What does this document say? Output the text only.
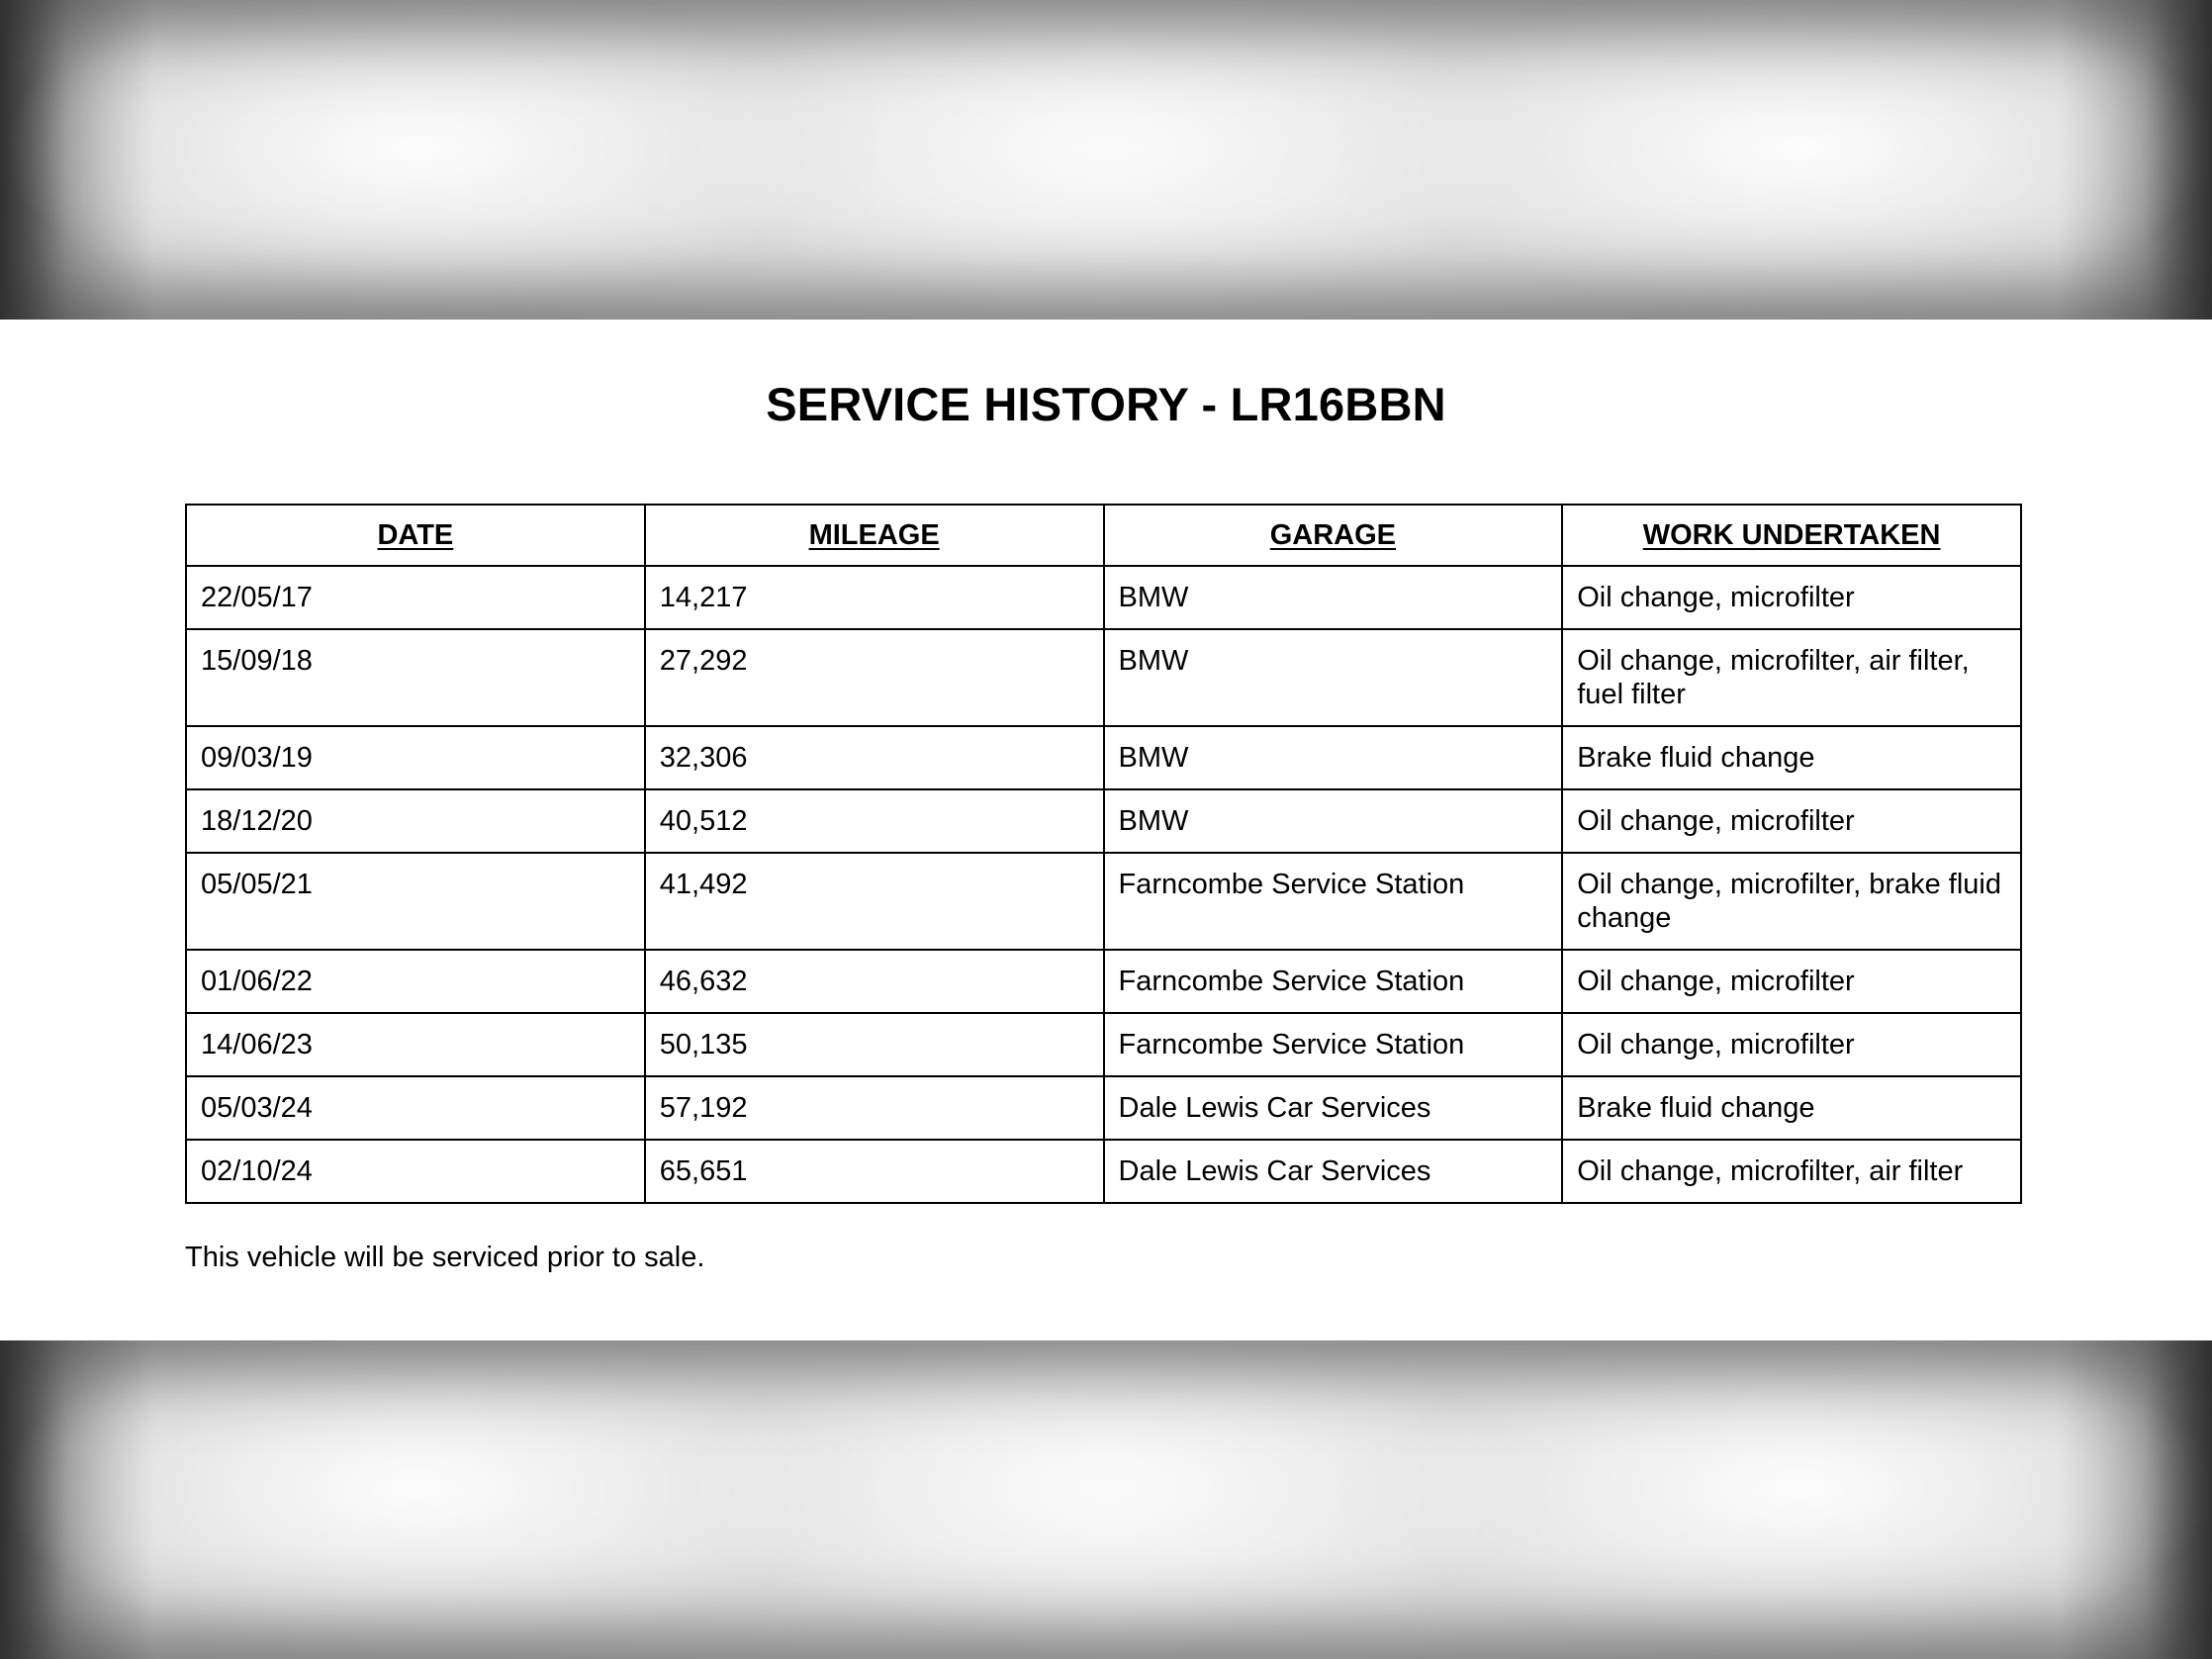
SERVICE HISTORY - LR16BBN
DATE	MILEAGE	GARAGE	WORK UNDERTAKEN
22/05/17	14,217	BMW	Oil change, microfilter
15/09/18	27,292	BMW	Oil change, microfilter, air filter, fuel filter
09/03/19	32,306	BMW	Brake fluid change
18/12/20	40,512	BMW	Oil change, microfilter
05/05/21	41,492	Farncombe Service Station	Oil change, microfilter, brake fluid change
01/06/22	46,632	Farncombe Service Station	Oil change, microfilter
14/06/23	50,135	Farncombe Service Station	Oil change, microfilter
05/03/24	57,192	Dale Lewis Car Services	Brake fluid change
02/10/24	65,651	Dale Lewis Car Services	Oil change, microfilter, air filter
This vehicle will be serviced prior to sale.
